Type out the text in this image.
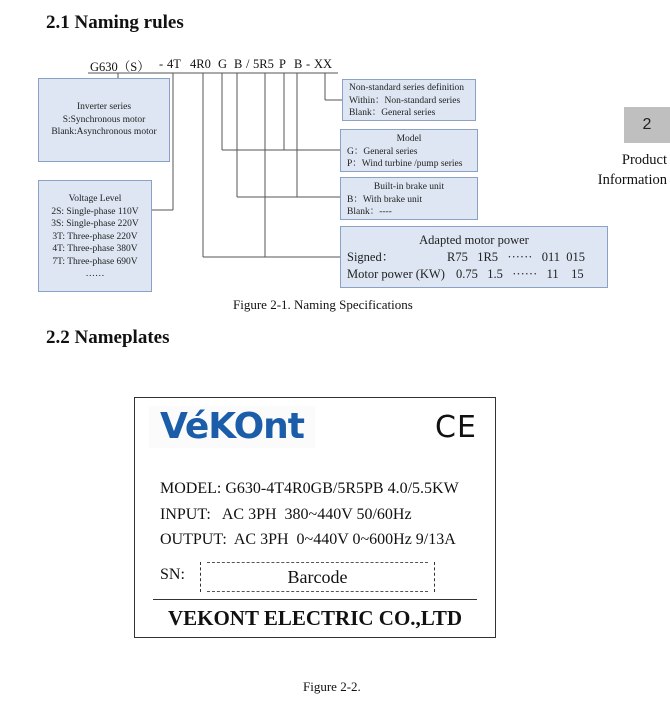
2.1 Naming rules
G630（S） - 4T 4R0 G B / 5R5 P B - XX
Inverter series
S:Synchronous motor
Blank:Asynchronous motor
Voltage Level
2S: Single-phase 110V
3S: Single-phase 220V
3T: Three-phase 220V
4T: Three-phase 380V
7T: Three-phase 690V
……
Non-standard series definition
Within：Non-standard series
Blank：General series
Model
G：General series
P：Wind turbine /pump series
Built-in brake unit
B：With brake unit
Blank：----
Adapted motor power
Signed：	R75   1R5   ······   011  015
Motor power (KW) 0.75   1.5   ······   11    15
Figure 2-1. Naming Specifications
2.2 Nameplates
2
Product
Information
VéKOnt	CE
MODEL: G630-4T4R0GB/5R5PB 4.0/5.5KW
INPUT:   AC 3PH  380~440V 50/60Hz
OUTPUT:  AC 3PH  0~440V 0~600Hz 9/13A
SN:	Barcode
VEKONT ELECTRIC CO.,LTD
Figure 2-2.
